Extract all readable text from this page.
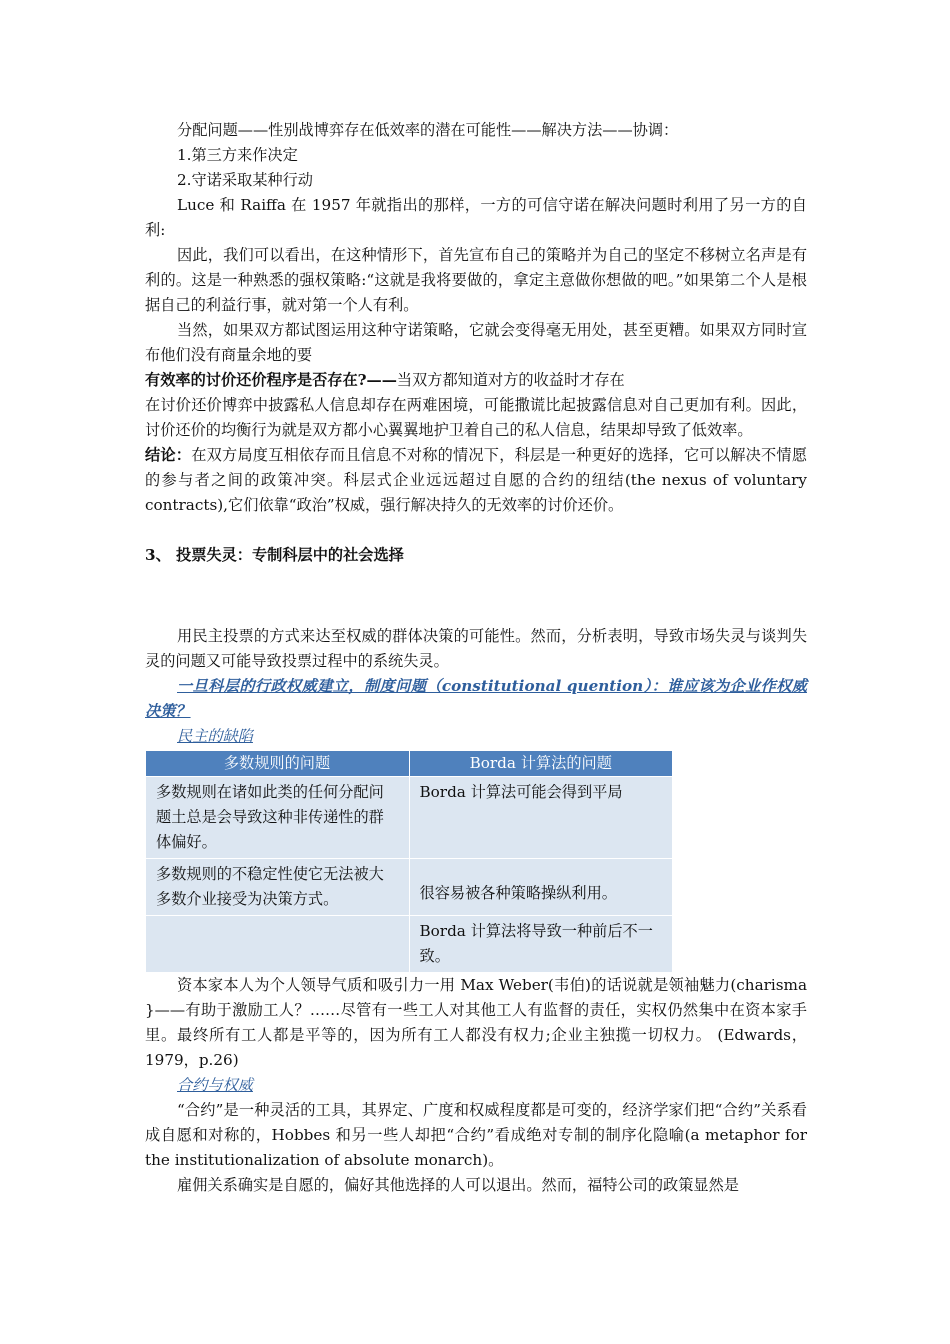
分配问题——性别战博弈存在低效率的潜在可能性——解决方法——协调：

1.第三方来作决定

2.守诺采取某种行动

Luce 和 Raiffa 在 1957 年就指出的那样，一方的可信守诺在解决问题时利用了另一方的自利:

因此，我们可以看出，在这种情形下，首先宣布自己的策略并为自己的坚定不移树立名声是有利的。这是一种熟悉的强权策略:“这就是我将要做的，拿定主意做你想做的吧。”如果第二个人是根据自己的利益行事，就对第一个人有利。

当然，如果双方都试图运用这种守诺策略，它就会变得毫无用处，甚至更糟。如果双方同时宣布他们没有商量余地的要

有效率的讨价还价程序是否存在?——当双方都知道对方的收益时才存在

在讨价还价博弈中披露私人信息却存在两难困境，可能撒谎比起披露信息对自己更加有利。因此，讨价还价的均衡行为就是双方都小心翼翼地护卫着自己的私人信息，结果却导致了低效率。

结论：在双方局度互相依存而且信息不对称的情况下，科层是一种更好的选择，它可以解决不情愿的参与者之间的政策冲突。科层式企业远远超过自愿的合约的纽结(the nexus of voluntary contracts),它们依靠“政治”权威，强行解决持久的无效率的讨价还价。

3、 投票失灵：专制科层中的社会选择

用民主投票的方式来达至权威的群体决策的可能性。然而，分析表明，导致市场失灵与谈判失灵的问题又可能导致投票过程中的系统失灵。

一旦科层的行政权威建立，制度问题（constitutional quention）：谁应该为企业作权威决策？

民主的缺陷

多数规则的问题	Borda 计算法的问题
多数规则在诸如此类的任何分配问题土总是会导致这种非传递性的群体偏好。	Borda 计算法可能会得到平局
多数规则的不稳定性使它无法被大多数介业接受为决策方式。	很容易被各种策略操纵利用。
	Borda 计算法将导致一种前后不一致。

资本家本人为个人领导气质和吸引力一用 Max Weber(韦伯)的话说就是领袖魅力(charisma }——有助于激励工人？……尽管有一些工人对其他工人有监督的责任，实权仍然集中在资本家手里。最终所有工人都是平等的，因为所有工人都没有权力;企业主独揽一切权力。 (Edwards，1979，p.26)

合约与权威

“合约”是一种灵活的工具，其界定、广度和权威程度都是可变的，经济学家们把“合约”关系看成自愿和对称的，Hobbes 和另一些人却把“合约”看成绝对专制的制序化隐喻(a metaphor for the institutionalization of absolute monarch)。

雇佣关系确实是自愿的，偏好其他选择的人可以退出。然而，福特公司的政策显然是
